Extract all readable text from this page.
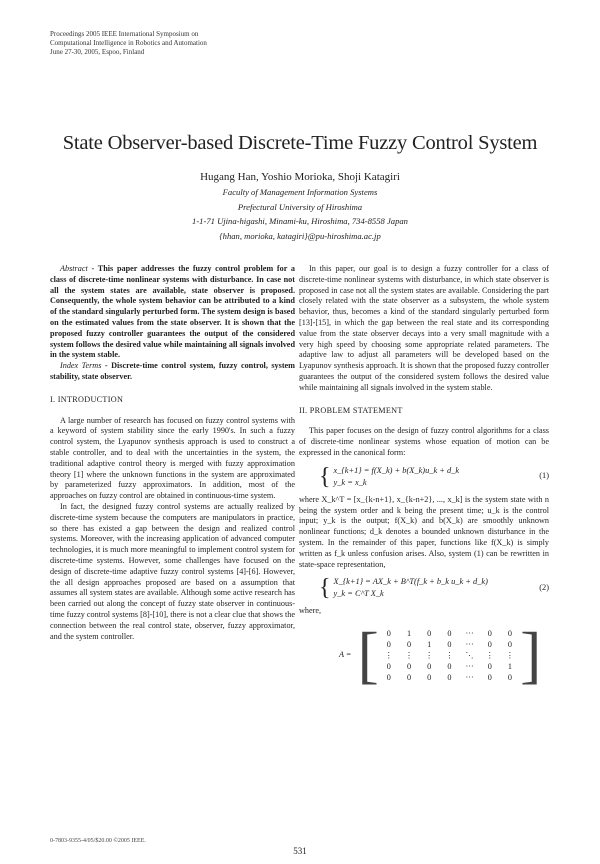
Proceedings 2005 IEEE International Symposium on
Computational Intelligence in Robotics and Automation
June 27-30, 2005, Espoo, Finland
State Observer-based Discrete-Time Fuzzy Control System
Hugang Han, Yoshio Morioka, Shoji Katagiri
Faculty of Management Information Systems
Prefectural University of Hiroshima
1-1-71 Ujina-higashi, Minami-ku, Hiroshima, 734-8558 Japan
{hhan, morioka, katagiri}@pu-hiroshima.ac.jp

Abstract - This paper addresses the fuzzy control problem for a class of discrete-time nonlinear systems with disturbance. In case not all the system states are available, state observer is proposed. Consequently, the whole system behavior can be attributed to a kind of the standard singularly perturbed form. The system design is based on the estimated values from the state observer. It is shown that the proposed fuzzy controller guarantees the output of the considered system follows the desired value while maintaining all signals involved in the system stable.

Index Terms - Discrete-time control system, fuzzy control, system stability, state observer.

I. INTRODUCTION

A large number of research has focused on fuzzy control systems with a keyword of system stability since the early 1990's. In such a fuzzy control system, the Lyapunov synthesis approach is used to construct a stable controller, and to deal with the uncertainties in the system, the traditional adaptive control theory is merged with fuzzy approximation theory [1] where the unknown functions in the system are approximated by parameterized fuzzy approximators. In addition, most of the approaches on fuzzy control are obtained in continuous-time system.

In fact, the designed fuzzy control systems are actually realized by discrete-time system because the computers are manipulators in practice, so there has existed a gap between the design and realized control systems. Moreover, with the increasing application of advanced computer technologies, it is much more meaningful to implement control system for discrete-time systems. However, some challenges have focused on the design of discrete-time adaptive fuzzy control systems [4]-[6]. However, the all design approaches proposed are based on a assumption that assumes all system states are available. Although some active research has been carried out along the concept of fuzzy state observer in continuous-time fuzzy control systems [8]-[10], there is not a clear clue that shows the connection between the real control state, observer, fuzzy approximator, and the system controller.

In this paper, our goal is to design a fuzzy controller for a class of discrete-time nonlinear systems with disturbance, in which state observer is proposed in case not all the system states are available. Considering the part closely related with the state observer as a subsystem, the whole system behavior, thus, becomes a kind of the standard singularly perturbed form [13]-[15], in which the gap between the real state and its corresponding value from the state observer decays into a very small magnitude with a very high speed by choosing some appropriate related parameters. The adaptive law to adjust all parameters will be developed based on the Lyapunov synthesis approach. It is shown that the proposed fuzzy controller guarantees the output of the considered system follows the desired value while maintaining all signals involved in the system stable.

II. PROBLEM STATEMENT

This paper focuses on the design of fuzzy control algorithms for a class of discrete-time nonlinear systems whose equation of motion can be expressed in the canonical form:

{ x_{k+1} = f(X_k) + b(X_k)u_k + d_k
y_k = x_k
(1)

where X_k^T = [x_{k-n+1}, x_{k-n+2}, ..., x_k] is the system state with n being the system order and k being the present time; u_k is the control input; y_k is the output; f(X_k) and b(X_k) are smoothly unknown nonlinear functions; d_k denotes a bounded unknown disturbance in the system. In the remainder of this paper, functions like f(X_k) is simply written as f_k unless confusion arises. Also, system (1) can be rewritten in state-space representation,

{ X_{k+1} = AX_k + B^T(f_k + b_k u_k + d_k)
y_k = C^T X_k
(2)

where,

A = [ 0	1	0	0	···	0	0
0	0	1	0	···	0	0
⋮	⋮	⋮	⋮	⋱	⋮	⋮
0	0	0	0	···	0	1
0	0	0	0	···	0	0 ]
0-7803-9355-4/05/$20.00 ©2005 IEEE.
531
